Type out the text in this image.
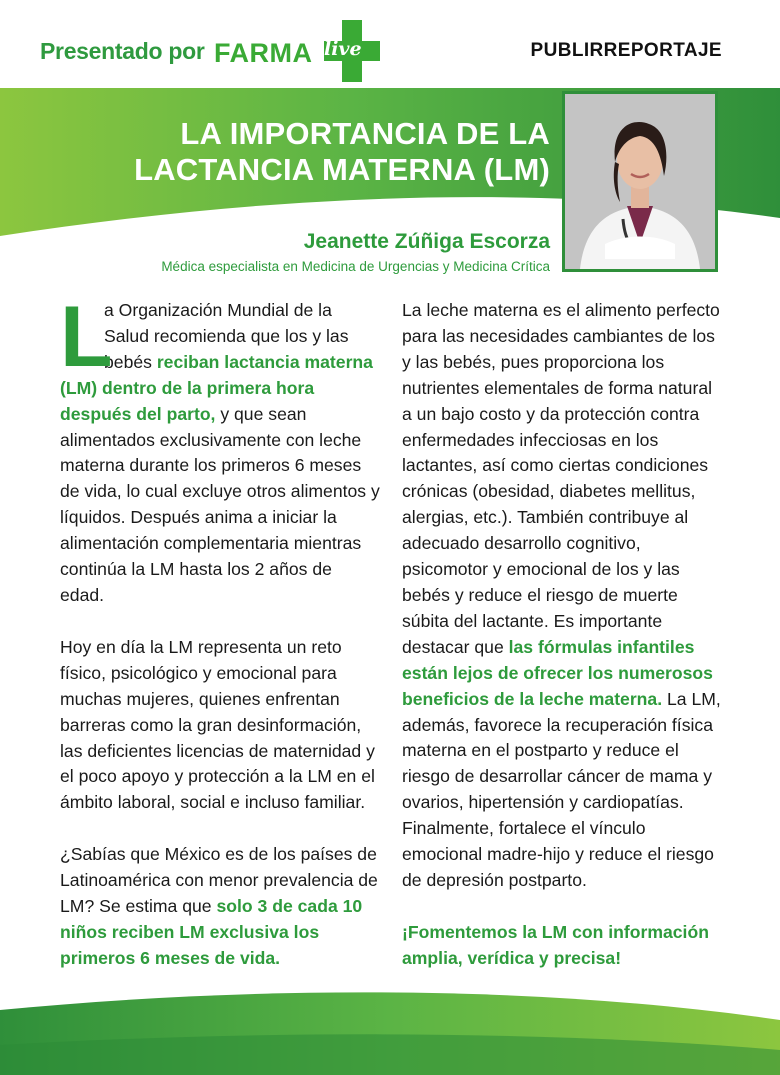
Presentado por FARMA live	PUBLIRREPORTAJE
LA IMPORTANCIA DE LA
LACTANCIA MATERNA (LM)
Jeanette Zúñiga Escorza
Médica especialista en Medicina de Urgencias y Medicina Crítica

L
a Organización Mundial de la Salud recomienda que los y las bebés reciban lactancia materna (LM) dentro de la primera hora después del parto, y que sean alimentados exclusivamente con leche materna durante los primeros 6 meses de vida, lo cual excluye otros alimentos y líquidos. Después anima a iniciar la alimentación complementaria mientras continúa la LM hasta los 2 años de edad.

Hoy en día la LM representa un reto físico, psicológico y emocional para muchas mujeres, quienes enfrentan barreras como la gran desinformación, las deficientes licencias de maternidad y el poco apoyo y protección a la LM en el ámbito laboral, social e incluso familiar.

¿Sabías que México es de los países de Latinoamérica con menor prevalencia de LM? Se estima que solo 3 de cada 10 niños reciben LM exclusiva los primeros 6 meses de vida.

La leche materna es el alimento perfecto para las necesidades cambiantes de los y las bebés, pues proporciona los nutrientes elementales de forma natural a un bajo costo y da protección contra enfermedades infecciosas en los lactantes, así como ciertas condiciones crónicas (obesidad, diabetes mellitus, alergias, etc.). También contribuye al adecuado desarrollo cognitivo, psicomotor y emocional de los y las bebés y reduce el riesgo de muerte súbita del lactante. Es importante destacar que las fórmulas infantiles están lejos de ofrecer los numerosos beneficios de la leche materna. La LM, además, favorece la recuperación física materna en el postparto y reduce el riesgo de desarrollar cáncer de mama y ovarios, hipertensión y cardiopatías. Finalmente, fortalece el vínculo emocional madre-hijo y reduce el riesgo de depresión postparto.

¡Fomentemos la LM con información amplia, verídica y precisa!
